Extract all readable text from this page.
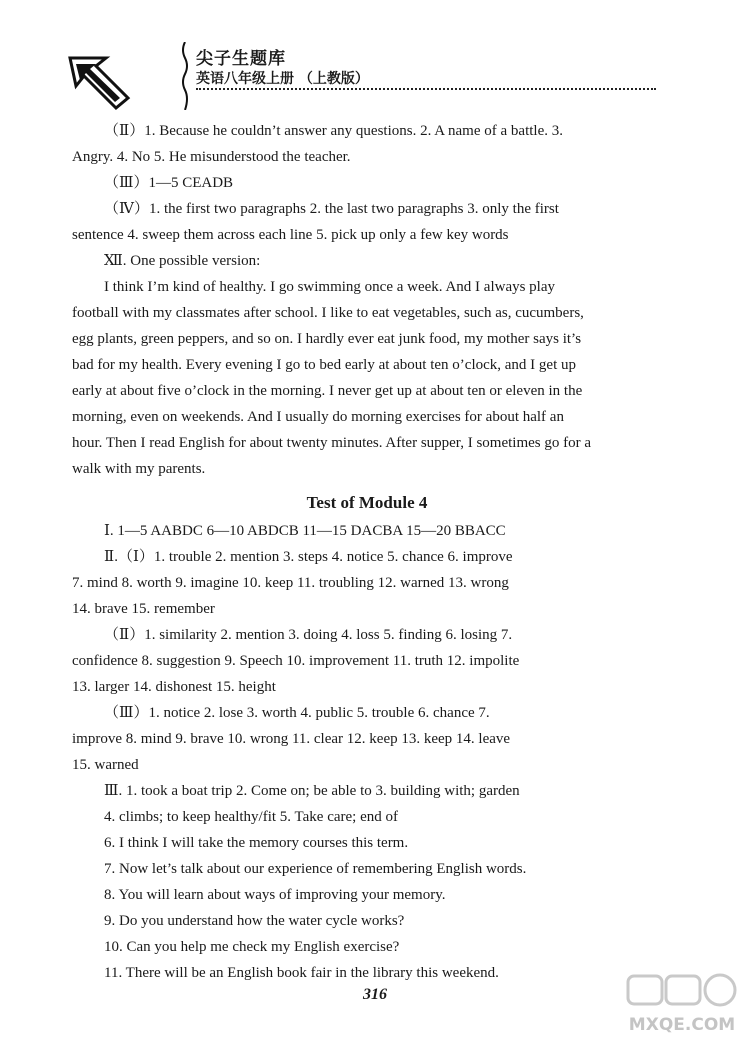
尖子生题库
英语八年级上册 （上教版）

（Ⅱ）1. Because he couldn’t answer any questions. 2. A name of a battle. 3.

Angry. 4. No 5. He misunderstood the teacher.

（Ⅲ）1—5 CEADB

（Ⅳ）1. the first two paragraphs 2. the last two paragraphs 3. only the first

sentence 4. sweep them across each line 5. pick up only a few key words

Ⅻ. One possible version:

I think I’m kind of healthy. I go swimming once a week. And I always play

football with my classmates after school. I like to eat vegetables, such as, cucumbers,

egg plants, green peppers, and so on. I hardly ever eat junk food, my mother says it’s

bad for my health. Every evening I go to bed early at about ten o’clock, and I get up

early at about five o’clock in the morning. I never get up at about ten or eleven in the

morning, even on weekends. And I usually do morning exercises for about half an

hour. Then I read English for about twenty minutes. After supper, I sometimes go for a

walk with my parents.

Test of Module 4

Ⅰ. 1—5 AABDC 6—10 ABDCB 11—15 DACBA 15—20 BBACC

Ⅱ.（Ⅰ）1. trouble 2. mention 3. steps 4. notice 5. chance 6. improve

7. mind 8. worth 9. imagine 10. keep 11. troubling 12. warned 13. wrong

14. brave 15. remember

（Ⅱ）1. similarity 2. mention 3. doing 4. loss 5. finding 6. losing 7.

confidence 8. suggestion 9. Speech 10. improvement 11. truth 12. impolite

13. larger 14. dishonest 15. height

（Ⅲ）1. notice 2. lose 3. worth 4. public 5. trouble 6. chance 7.

improve 8. mind 9. brave 10. wrong 11. clear 12. keep 13. keep 14. leave

15. warned

Ⅲ. 1. took a boat trip 2. Come on; be able to 3. building with; garden

4. climbs; to keep healthy/fit 5. Take care; end of

6. I think I will take the memory courses this term.

7. Now let’s talk about our experience of remembering English words.

8. You will learn about ways of improving your memory.

9. Do you understand how the water cycle works?

10. Can you help me check my English exercise?

11. There will be an English book fair in the library this weekend.

316
MXQE.COM
